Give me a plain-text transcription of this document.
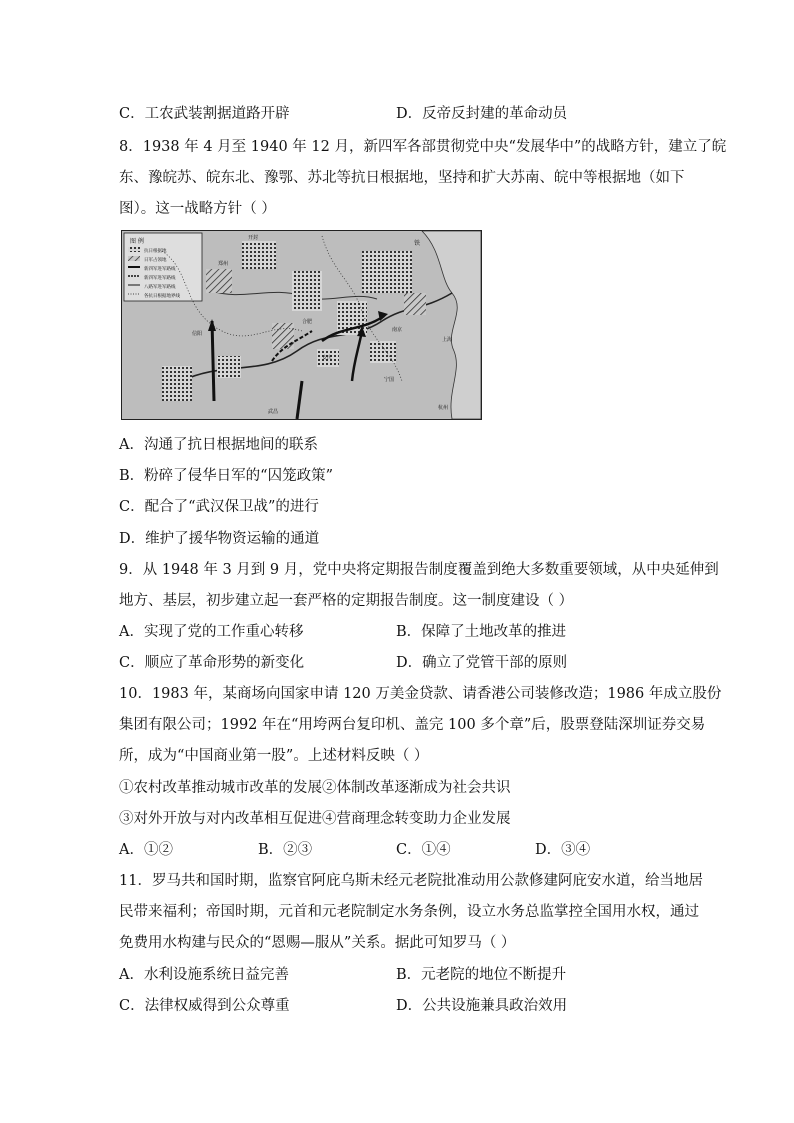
C．工农武装割据道路开辟	D．反帝反封建的革命动员
8．1938 年 4 月至 1940 年 12 月，新四军各部贯彻党中央“发展华中”的战略方针，建立了皖
东、豫皖苏、皖东北、豫鄂、苏北等抗日根据地，坚持和扩大苏南、皖中等根据地（如下
图）。这一战略方针（ ）
图 例
抗日根据地
日军占领地
新四军进军路线
新四军进军路线
八路军进军路线
各抗日根据地界线
开封
郑州
信阳
安庆
南京
上海
杭州
武昌
宁国
铁
合肥
A．沟通了抗日根据地间的联系
B．粉碎了侵华日军的“囚笼政策”
C．配合了“武汉保卫战”的进行
D．维护了援华物资运输的通道
9．从 1948 年 3 月到 9 月，党中央将定期报告制度覆盖到绝大多数重要领域，从中央延伸到
地方、基层，初步建立起一套严格的定期报告制度。这一制度建设（ ）
A．实现了党的工作重心转移	B．保障了土地改革的推进
C．顺应了革命形势的新变化	D．确立了党管干部的原则
10．1983 年，某商场向国家申请 120 万美金贷款、请香港公司装修改造；1986 年成立股份
集团有限公司；1992 年在“用垮两台复印机、盖完 100 多个章”后，股票登陆深圳证券交易
所，成为“中国商业第一股”。上述材料反映（ ）
①农村改革推动城市改革的发展②体制改革逐渐成为社会共识
③对外开放与对内改革相互促进④营商理念转变助力企业发展
A．①②	B．②③	C．①④	D．③④
11．罗马共和国时期，监察官阿庇乌斯未经元老院批准动用公款修建阿庇安水道，给当地居
民带来福利；帝国时期，元首和元老院制定水务条例，设立水务总监掌控全国用水权，通过
免费用水构建与民众的“恩赐—服从”关系。据此可知罗马（ ）
A．水利设施系统日益完善	B．元老院的地位不断提升
C．法律权威得到公众尊重	D．公共设施兼具政治效用
